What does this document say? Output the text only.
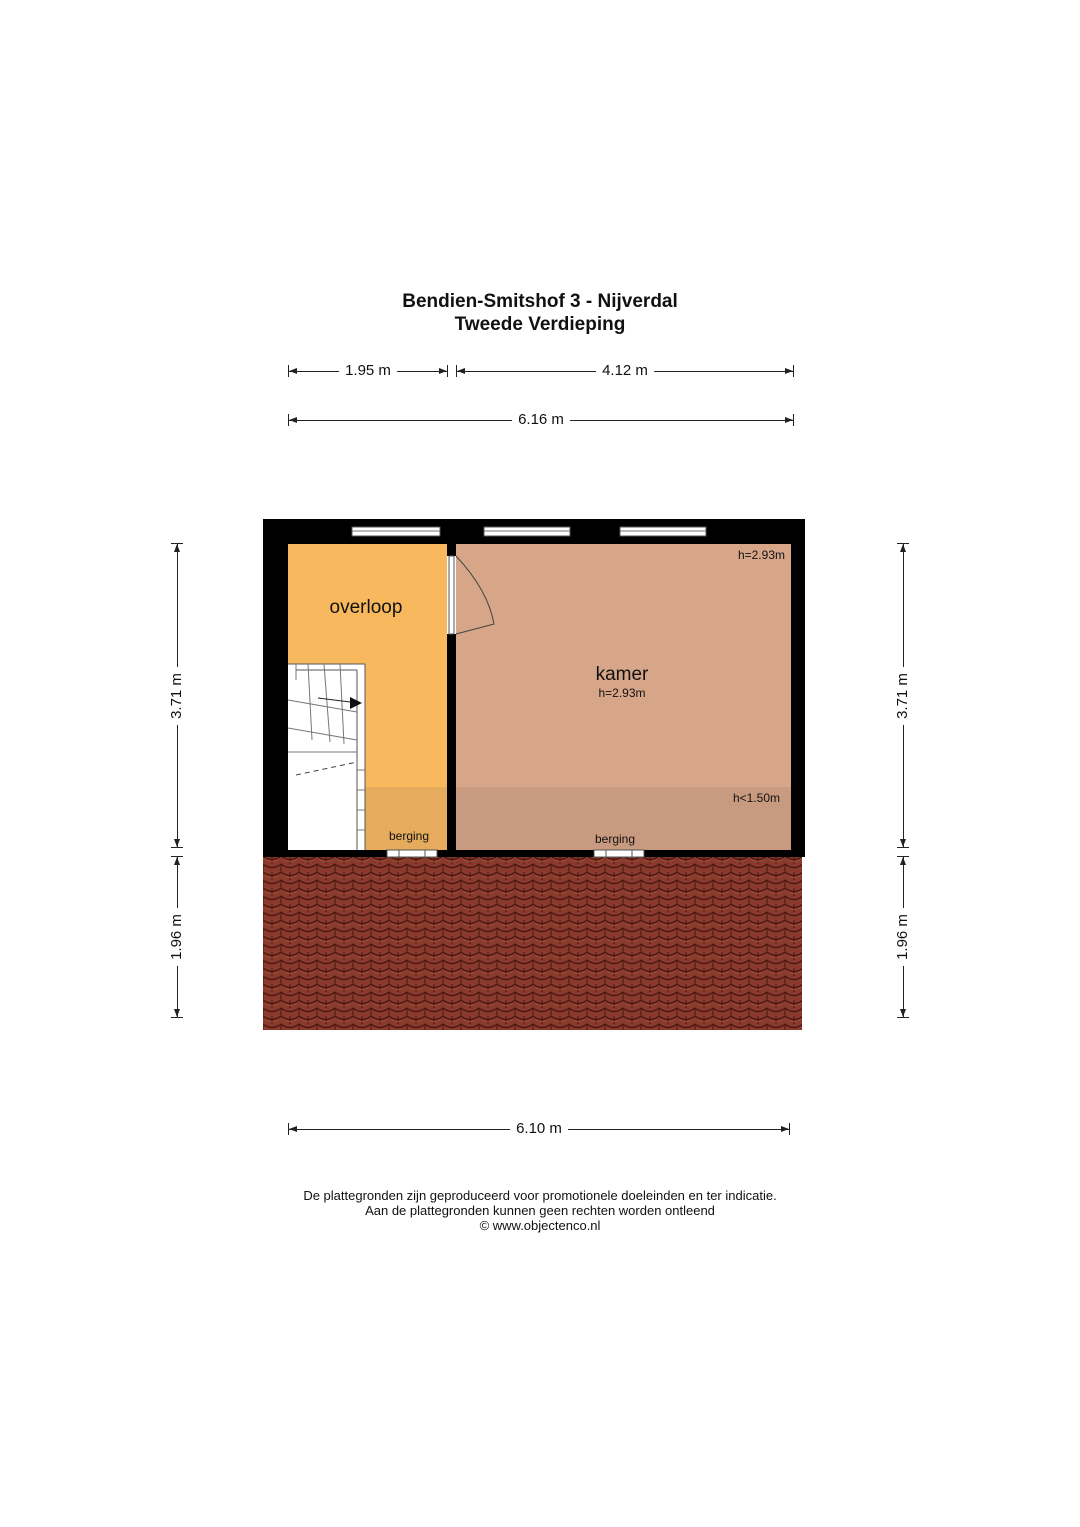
Bendien-Smitshof 3 - Nijverdal
Tweede Verdieping
1.95 m	4.12 m
6.16 m
6.10 m
3.71 m
1.96 m
3.71 m
1.96 m
overloop
kamer
h=2.93m
h=2.93m
h<1.50m
berging	berging
De plattegronden zijn geproduceerd voor promotionele doeleinden en ter indicatie.
Aan de plattegronden kunnen geen rechten worden ontleend
© www.objectenco.nl
